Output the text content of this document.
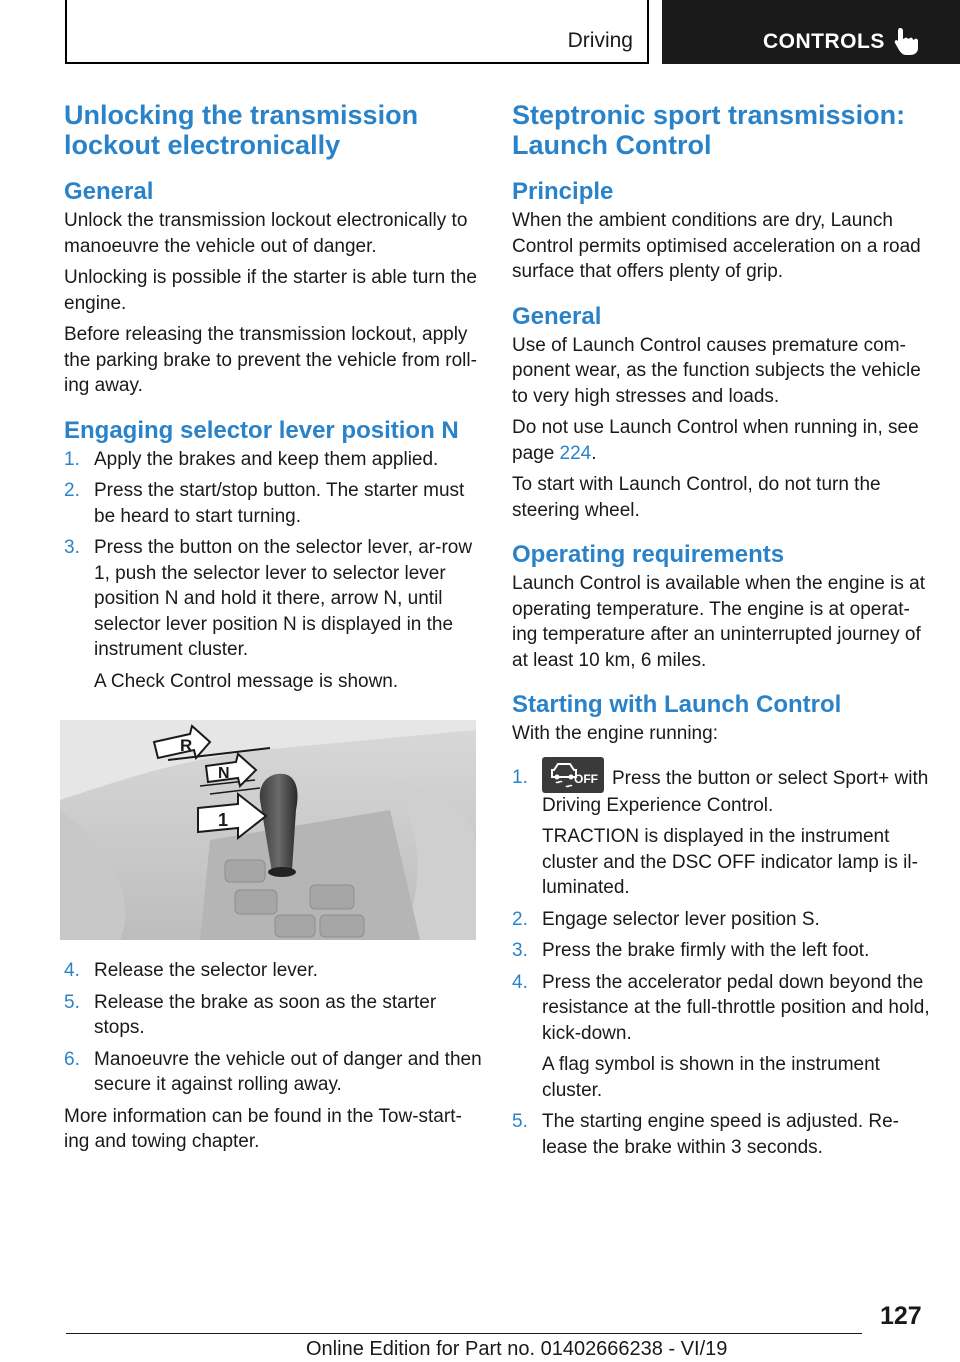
Driving	CONTROLS
Unlocking the transmission lockout electronically
General

Unlock the transmission lockout electronically to manoeuvre the vehicle out of danger.

Unlocking is possible if the starter is able turn the engine.

Before releasing the transmission lockout, apply the parking brake to prevent the vehicle from roll-ing away.

Engaging selector lever position N
1. Apply the brakes and keep them applied.
2. Press the start/stop button. The starter must be heard to start turning.
3. Press the button on the selector lever, ar-row 1, push the selector lever to selector lever position N and hold it there, arrow N, until selector lever position N is displayed in the instrument cluster.
A Check Control message is shown.
R
N
1
4. Release the selector lever.
5. Release the brake as soon as the starter stops.
6. Manoeuvre the vehicle out of danger and then secure it against rolling away.

More information can be found in the Tow-start-ing and towing chapter.

Steptronic sport transmission: Launch Control
Principle

When the ambient conditions are dry, Launch Control permits optimised acceleration on a road surface that offers plenty of grip.

General

Use of Launch Control causes premature com-ponent wear, as the function subjects the vehicle to very high stresses and loads.

Do not use Launch Control when running in, see page 224.

To start with Launch Control, do not turn the steering wheel.

Operating requirements

Launch Control is available when the engine is at operating temperature. The engine is at operat-ing temperature after an uninterrupted journey of at least 10 km, 6 miles.

Starting with Launch Control

With the engine running:

1.	OFF Press the button or select Sport+ with Driving Experience Control.
TRACTION is displayed in the instrument cluster and the DSC OFF indicator lamp is il-luminated.
2. Engage selector lever position S.
3. Press the brake firmly with the left foot.
4. Press the accelerator pedal down beyond the resistance at the full-throttle position and hold, kick-down.
A flag symbol is shown in the instrument cluster.
5. The starting engine speed is adjusted. Re-lease the brake within 3 seconds.
127
Online Edition for Part no. 01402666238 - VI/19
